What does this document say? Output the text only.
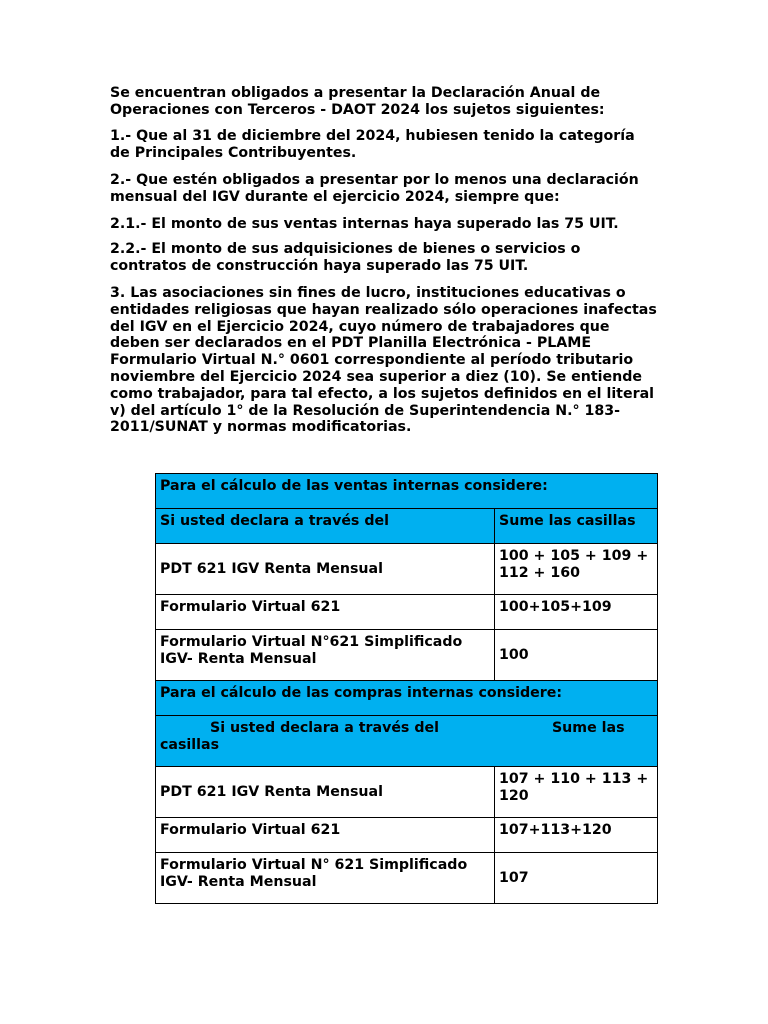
Se encuentran obligados a presentar la Declaración Anual de
Operaciones con Terceros - DAOT 2024 los sujetos siguientes:

1.- Que al 31 de diciembre del 2024, hubiesen tenido la categoría
de Principales Contribuyentes.

2.- Que estén obligados a presentar por lo menos una declaración
mensual del IGV durante el ejercicio 2024, siempre que:

2.1.- El monto de sus ventas internas haya superado las 75 UIT.

2.2.- El monto de sus adquisiciones de bienes o servicios o
contratos de construcción haya superado las 75 UIT.

3. Las asociaciones sin fines de lucro, instituciones educativas o
entidades religiosas que hayan realizado sólo operaciones inafectas
del IGV en el Ejercicio 2024, cuyo número de trabajadores que
deben ser declarados en el PDT Planilla Electrónica - PLAME
Formulario Virtual N.° 0601 correspondiente al período tributario
noviembre del Ejercicio 2024 sea superior a diez (10). Se entiende
como trabajador, para tal efecto, a los sujetos definidos en el literal
v) del artículo 1° de la Resolución de Superintendencia N.° 183-
2011/SUNAT y normas modificatorias.

Para el cálculo de las ventas internas considere:	
Si usted declara a través del	Sume las casillas
PDT 621 IGV Renta Mensual	100 + 105 + 109 +
112 + 160
Formulario Virtual 621	100+105+109
Formulario Virtual N°621 Simplificado
IGV- Renta Mensual	100
Para el cálculo de las compras internas considere:	
Si usted declara a través del Sume las
casillas	
PDT 621 IGV Renta Mensual	107 + 110 + 113 +
120
Formulario Virtual 621	107+113+120
Formulario Virtual N° 621 Simplificado
IGV- Renta Mensual	107
